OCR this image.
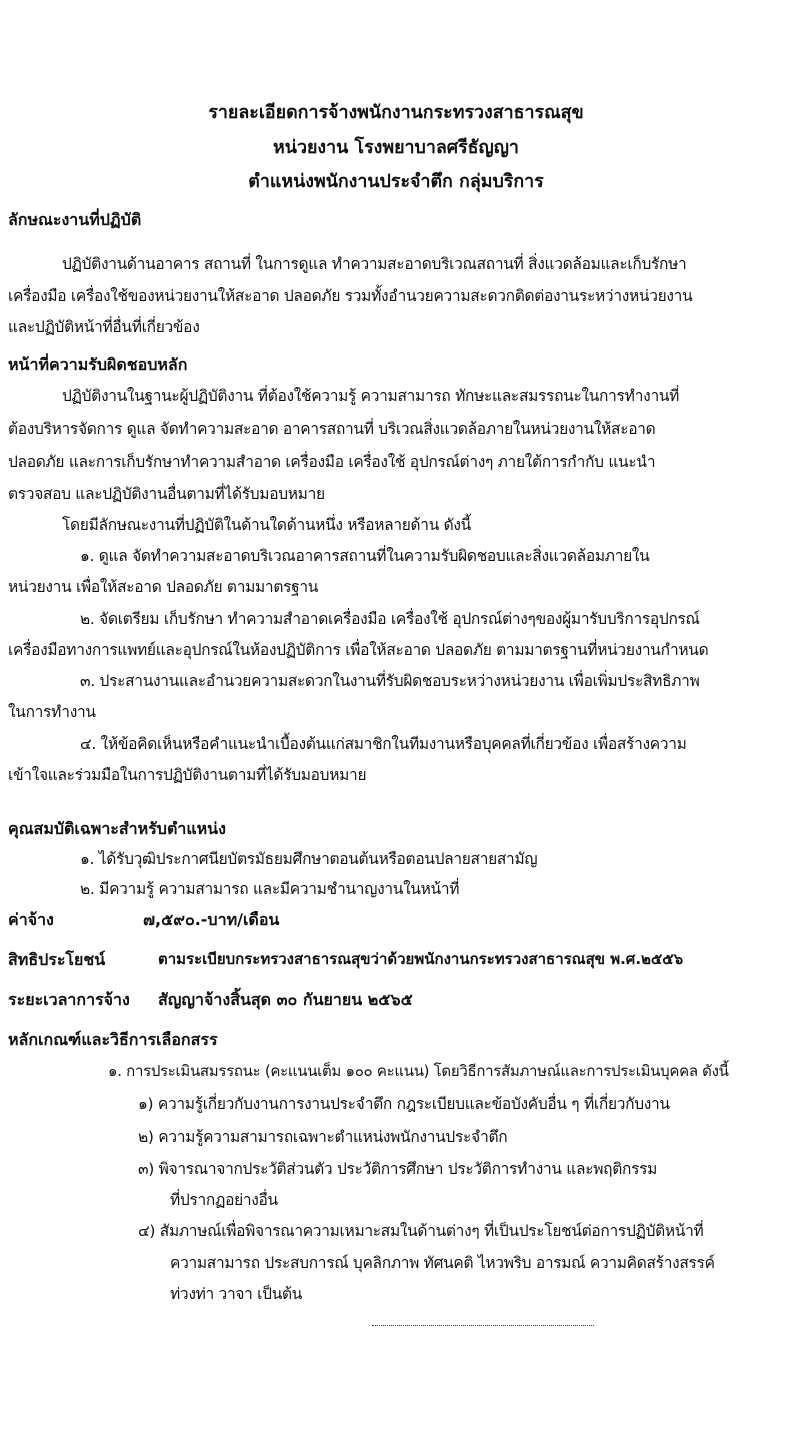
รายละเอียดการจ้างพนักงานกระทรวงสาธารณสุข
หน่วยงาน โรงพยาบาลศรีธัญญา
ตำแหน่งพนักงานประจำตึก กลุ่มบริการ
ลักษณะงานที่ปฏิบัติ
ปฏิบัติงานด้านอาคาร สถานที่ ในการดูแล ทำความสะอาดบริเวณสถานที่ สิ่งแวดล้อมและเก็บรักษา
เครื่องมือ เครื่องใช้ของหน่วยงานให้สะอาด ปลอดภัย รวมทั้งอำนวยความสะดวกติดต่องานระหว่างหน่วยงาน
และปฏิบัติหน้าที่อื่นที่เกี่ยวข้อง
หน้าที่ความรับผิดชอบหลัก
ปฏิบัติงานในฐานะผู้ปฏิบัติงาน ที่ต้องใช้ความรู้ ความสามารถ ทักษะและสมรรถนะในการทำงานที่
ต้องบริหารจัดการ ดูแล จัดทำความสะอาด อาคารสถานที่ บริเวณสิ่งแวดล้อภายในหน่วยงานให้สะอาด
ปลอดภัย และการเก็บรักษาทำความสำอาด เครื่องมือ เครื่องใช้ อุปกรณ์ต่างๆ ภายใต้การกำกับ แนะนำ
ตรวจสอบ และปฏิบัติงานอื่นตามที่ได้รับมอบหมาย
โดยมีลักษณะงานที่ปฏิบัติในด้านใดด้านหนึ่ง หรือหลายด้าน ดังนี้
๑. ดูแล จัดทำความสะอาดบริเวณอาคารสถานที่ในความรับผิดชอบและสิ่งแวดล้อมภายใน
หน่วยงาน เพื่อให้สะอาด ปลอดภัย ตามมาตรฐาน
๒. จัดเตรียม เก็บรักษา ทำความสำอาดเครื่องมือ เครื่องใช้ อุปกรณ์ต่างๆของผู้มารับบริการอุปกรณ์
เครื่องมือทางการแพทย์และอุปกรณ์ในห้องปฏิบัติการ เพื่อให้สะอาด ปลอดภัย ตามมาตรฐานที่หน่วยงานกำหนด
๓. ประสานงานและอำนวยความสะดวกในงานที่รับผิดชอบระหว่างหน่วยงาน เพื่อเพิ่มประสิทธิภาพ
ในการทำงาน
๔. ให้ข้อคิดเห็นหรือคำแนะนำเบื้องต้นแก่สมาชิกในทีมงานหรือบุคคลที่เกี่ยวข้อง เพื่อสร้างความ
เข้าใจและร่วมมือในการปฏิบัติงานตามที่ได้รับมอบหมาย
คุณสมบัติเฉพาะสำหรับตำแหน่ง
๑. ได้รับวุฒิประกาศนียบัตรมัธยมศึกษาตอนต้นหรือตอนปลายสายสามัญ
๒. มีความรู้ ความสามารถ และมีความชำนาญงานในหน้าที่
ค่าจ้าง	๗,๕๙๐.-บาท/เดือน
สิทธิประโยชน์	ตามระเบียบกระทรวงสาธารณสุขว่าด้วยพนักงานกระทรวงสาธารณสุข พ.ศ.๒๕๕๖
ระยะเวลาการจ้าง สัญญาจ้างสิ้นสุด ๓๐ กันยายน ๒๕๖๕
หลักเกณฑ์และวิธีการเลือกสรร
๑. การประเมินสมรรถนะ (คะแนนเต็ม ๑๐๐ คะแนน) โดยวิธีการสัมภาษณ์และการประเมินบุคคล ดังนี้
๑) ความรู้เกี่ยวกับงานการงานประจำตึก กฎระเบียบและข้อบังคับอื่น ๆ ที่เกี่ยวกับงาน
๒) ความรู้ความสามารถเฉพาะตำแหน่งพนักงานประจำตึก
๓) พิจารณาจากประวัติส่วนตัว ประวัติการศึกษา ประวัติการทำงาน และพฤติกรรม
ที่ปรากฏอย่างอื่น
๔) สัมภาษณ์เพื่อพิจารณาความเหมาะสมในด้านต่างๆ ที่เป็นประโยชน์ต่อการปฏิบัติหน้าที่
ความสามารถ ประสบการณ์ บุคลิกภาพ ทัศนคติ ไหวพริบ อารมณ์ ความคิดสร้างสรรค์
ท่วงท่า วาจา เป็นต้น
